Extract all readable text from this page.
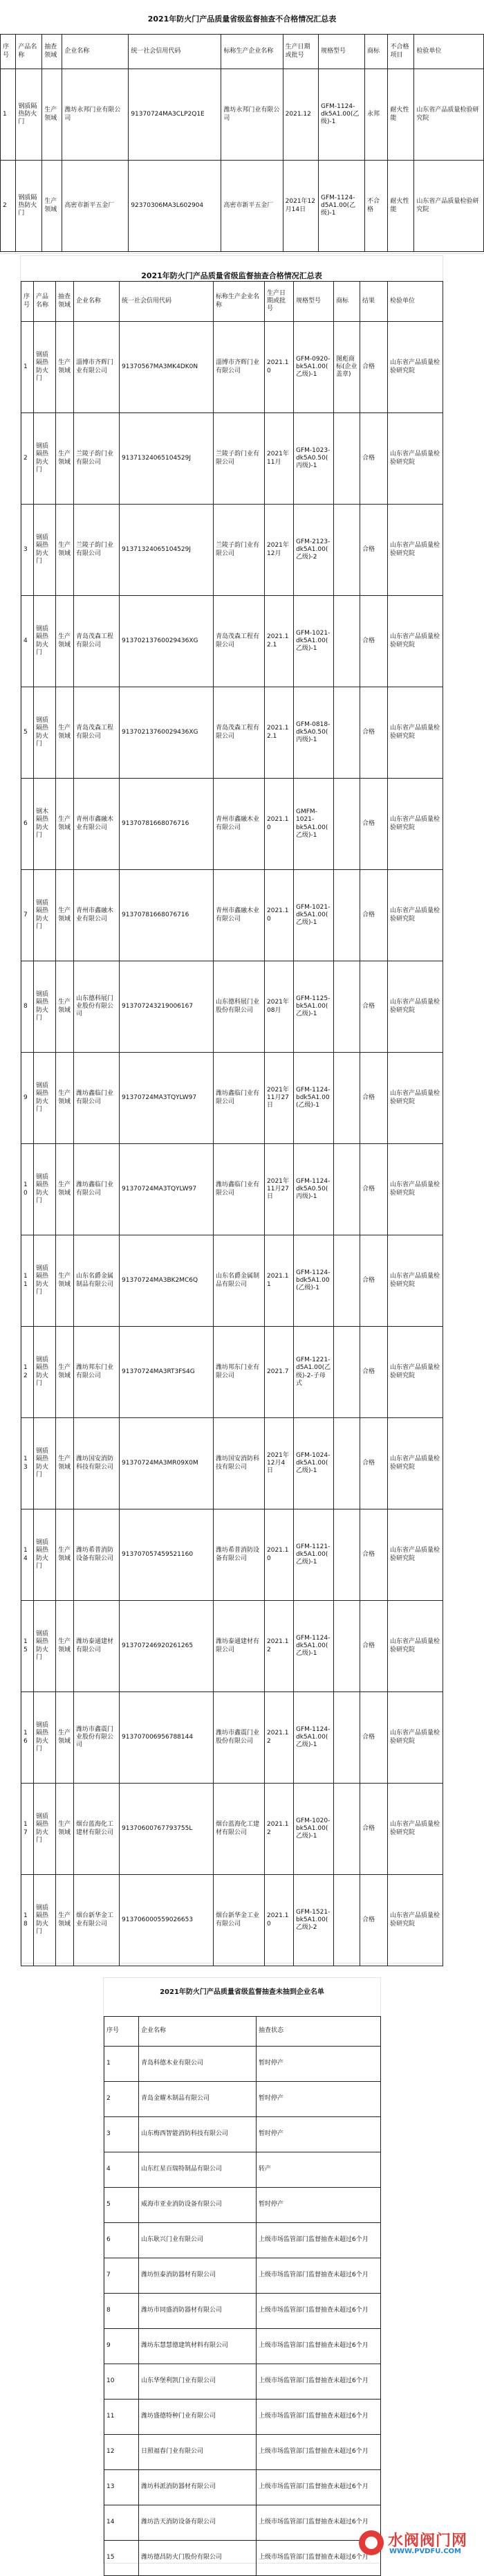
2021年防火门产品质量省级监督抽查不合格情况汇总表
序号	产品名称	抽查领域	企业名称	统一社会信用代码	标称生产企业名称	生产日期或批号	规格型号	商标	不合格项目	检验单位
1	钢质隔热防火门	生产领域	潍坊永邦门业有限公司	91370724MA3CLP2Q1E	潍坊永邦门业有限公司	2021.12	GFM-1124-dk5A1.00(乙级)-1	永邦	耐火性能	山东省产品质量检验研究院
2	钢质隔热防火门	生产领域	高密市新平五金厂	92370306MA3L602904	高密市新平五金厂	2021年12月14日	GFM-1124-d5A1.00(乙级)-1	不合格	耐火性能	山东省产品质量检验研究院
2021年防火门产品质量省级监督抽查合格情况汇总表
序号	产品名称	抽查领域	企业名称	统一社会信用代码	标称生产企业名称	生产日期或批号	规格型号	商标	结果	检验单位
1	钢质隔热防火门	生产领域	淄博市齐辉门业有限公司	91370567MA3MK4DK0N	淄博市齐辉门业有限公司	2021.10	GFM-0920-bk5A1.00(乙级)-1	图彪商标(企业盖章)	合格	山东省产品质量检验研究院
2	钢质隔热防火门	生产领域	兰陵子韵门业有限公司	91371324065104529J	兰陵子韵门业有限公司	2021年11月	GFM-1023-dk5A0.50(丙级)-1		合格	山东省产品质量检验研究院
3	钢质隔热防火门	生产领域	兰陵子韵门业有限公司	91371324065104529J	兰陵子韵门业有限公司	2021年12月	GFM-2123-dk5A1.00(乙级)-2		合格	山东省产品质量检验研究院
4	钢质隔热防火门	生产领域	青岛茂森工程有限公司	91370213760029436XG	青岛茂森工程有限公司	2021.12.1	GFM-1021-dk5A1.00(乙级)-1		合格	山东省产品质量检验研究院
5	钢质隔热防火门	生产领域	青岛茂森工程有限公司	91370213760029436XG	青岛茂森工程有限公司	2021.12.1	GFM-0818-dk5A0.50(丙级)-1		合格	山东省产品质量检验研究院
6	钢木隔热防火门	生产领域	青州市鑫融木业有限公司	91370781668076716	青州市鑫融木业有限公司	2021.10	GMFM-1021-bk5A1.00(乙级)-1		合格	山东省产品质量检验研究院
7	钢质隔热防火门	生产领域	青州市鑫融木业有限公司	91370781668076716	青州市鑫融木业有限公司	2021.10	GFM-1021-dk5A1.00(乙级)-1		合格	山东省产品质量检验研究院
8	钢质隔热防火门	生产领域	山东德科展门业股份有限公司	913707243219006167	山东德科展门业股份有限公司	2021年08月	GFM-1125-bk5A1.00(乙级)-1		合格	山东省产品质量检验研究院
9	钢质隔热防火门	生产领域	潍坊鑫临门业有限公司	91370724MA3TQYLW97	潍坊鑫临门业有限公司	2021年11月27日	GFM-1124-bdk5A1.00(乙级)-1		合格	山东省产品质量检验研究院
10	钢质隔热防火门	生产领域	潍坊鑫临门业有限公司	91370724MA3TQYLW97	潍坊鑫临门业有限公司	2021年11月27日	GFM-1124-dk5A0.50(丙级)-1		合格	山东省产品质量检验研究院
11	钢质隔热防火门	生产领域	山东名爵金属制品有限公司	91370724MA3BK2MC6Q	山东名爵金属制品有限公司	2021.11	GFM-1124-bdk5A1.00(乙级)-1		合格	山东省产品质量检验研究院
12	钢质隔热防火门	生产领域	潍坊邦东门业有限公司	91370724MA3RT3FS4G	潍坊邦东门业有限公司	2021.7	GFM-1221-d5A1.00(乙级)-2-子母式		合格	山东省产品质量检验研究院
13	钢质隔热防火门	生产领域	潍坊国安消防科技有限公司	91370724MA3MR09X0M	潍坊国安消防科技有限公司	2021年12月4日	GFM-1024-dk5A1.00(乙级)-1		合格	山东省产品质量检验研究院
14	钢质隔热防火门	生产领域	潍坊希普消防设备有限公司	913707057459521160	潍坊希普消防设备有限公司	2021.10	GFM-1121-dk5A1.00(乙级)-1		合格	山东省产品质量检验研究院
15	钢质隔热防火门	生产领域	潍坊泰通建材有限公司	913707246920261265	潍坊泰通建材有限公司	2021.12	GFM-1124-dk5A1.00(乙级)-1		合格	山东省产品质量检验研究院
16	钢质隔热防火门	生产领域	潍坊市鑫震门业股份有限公司	913707006956788144	潍坊市鑫震门业股份有限公司	2021.12	GFM-1124-dk5A1.00(乙级)-1		合格	山东省产品质量检验研究院
17	钢质隔热防火门	生产领域	烟台蓝海化工建材有限公司	91370600767793755L	烟台蓝海化工建材有限公司	2021.12	GFM-1020-bk5A1.00(乙级)-1		合格	山东省产品质量检验研究院
18	钢质隔热防火门	生产领域	烟台新华金工业有限公司	913706000559026653	烟台新华金工业有限公司	2021.10	GFM-1521-bk5A1.00(乙级)-2		合格	山东省产品质量检验研究院
2021年防火门产品质量省级监督抽查未抽到企业名单
序号	企业名称	抽查状态
1	青岛科德木业有限公司	暂时停产
2	青岛金耀木制品有限公司	暂时停产
3	山东梅西智能消防科技有限公司	暂时停产
4	山东红星百瑞特制品有限公司	转产
5	威海市亚业消防设备有限公司	暂时停产
6	山东耿兴门业有限公司	上级市场监管部门监督抽查未超过6个月
7	潍坊恒泰消防器材有限公司	上级市场监管部门监督抽查未超过6个月
8	潍坊市同盛消防器材有限公司	上级市场监管部门监督抽查未超过6个月
9	潍坊东慧慧德建筑材料有限公司	上级市场监管部门监督抽查未超过6个月
10	山东华堡利凯门业有限公司	上级市场监管部门监督抽查未超过6个月
11	潍坊盛德特种门业有限公司	上级市场监管部门监督抽查未超过6个月
12	日照福春门业有限公司	上级市场监管部门监督抽查未超过6个月
13	潍坊科派消防器材有限公司	上级市场监管部门监督抽查未超过6个月
14	潍坊浩天消防设备有限公司	上级市场监管部门监督抽查未超过6个月
15	潍坊德昌防火门股份有限公司	上级市场监管部门监督抽查未超过6个月
水阀阀门网
WWW.PVDFU.COM
